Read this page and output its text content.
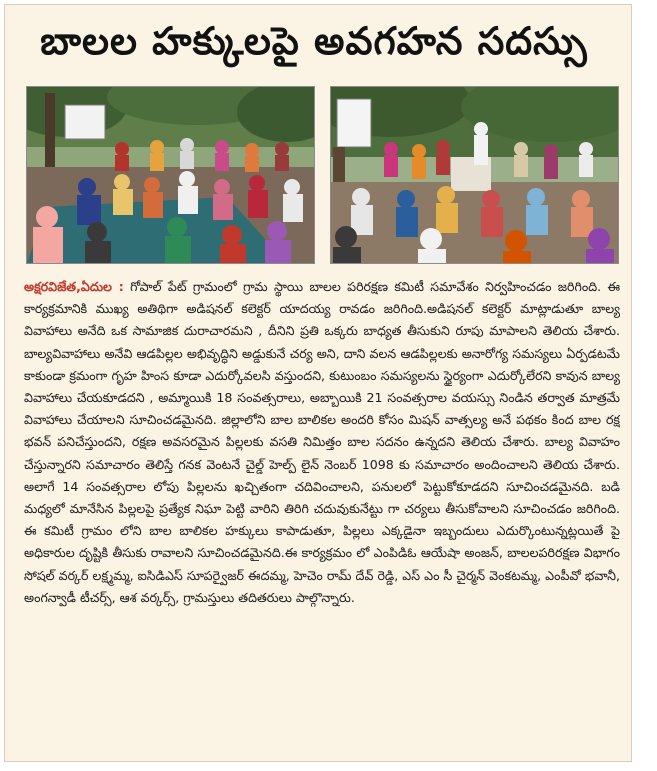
బాలల హక్కులపై అవగహన సదస్సు
అక్షరవిజేత,ఏదుల : గోపాల్ పేట్ గ్రామంలో గ్రామ స్థాయి బాలల పరిరక్షణ కమిటీ సమావేశం నిర్వహించడం జరిగింది. ఈ కార్యక్రమానికి ముఖ్య అతిథిగా అడిషనల్ కలెక్టర్ యాదయ్య రావడం జరిగింది.అడిషనల్ కలెక్టర్ మాట్లాడుతూ బాల్య వివాహాలు అనేది ఒక సామాజిక దురాచారమని , దీనిని ప్రతి ఒక్కరు బాధ్యత తీసుకుని రూపు మాపాలని తెలియ చేశారు. బాల్యవివాహాలు అనేవి ఆడపిల్లల అభివృద్ధిని అడ్డుకునే చర్య అని, దాని వలన ఆడపిల్లలకు అనారోగ్య సమస్యలు ఏర్పడటమే కాకుండా క్రమంగా గృహ హింస కూడా ఎదుర్కోవలసి వస్తుందని, కుటుంబం సమస్యలను స్థైర్యంగా ఎదుర్కోలేరని కావున బాల్య వివాహాలు చేయకూడదని , అమ్మాయికి 18 సంవత్సరాలు, అబ్బాయికి 21 సంవత్సరాల వయస్సు నిండిన తర్వాత మాత్రమే వివాహాలు చేయాలని సూచించడమైనది. జిల్లాలోని బాల బాలికల అందరి కోసం మిషన్ వాత్సల్య అనే పథకం కింద బాల రక్ష భవన్ పనిచేస్తుందని, రక్షణ అవసరమైన పిల్లలకు వసతి నిమిత్తం బాల సదనం ఉన్నదని తెలియ చేశారు. బాల్య వివాహం చేస్తున్నారని సమాచారం తెలిస్తే గనక వెంటనే చైల్డ్ హెల్ప్ లైన్ నెంబర్ 1098 కు సమాచారం అందించాలని తెలియ చేశారు. అలాగే 14 సంవత్సరాల లోపు పిల్లలను ఖచ్చితంగా చదివించాలని, పనులలో పెట్టుకోకూడదని సూచించడమైనది. బడి మధ్యలో మానేసిన పిల్లలపై ప్రత్యేక నిఘా పెట్టి వారిని తిరిగి చదువుకునేట్టు గా చర్యలు తీసుకోవాలని సూచించడం జరిగింది. ఈ కమిటీ గ్రామం లోని బాల బాలికల హక్కులు కాపాడుతూ, పిల్లలు ఎక్కడైనా ఇబ్బందులు ఎదుర్కొంటున్నట్లయితే పై అధికారుల దృష్టికి తీసుకు రావాలని సూచించడమైనది.ఈ కార్యక్రమం లో ఎంపిడిఓ ఆయేషా అంజన్, బాలలపరిరక్షణ విభాగం సోషల్ వర్కర్ లక్ష్మమ్మ, ఐసిడిఎస్ సూపర్వైజర్ ఈదమ్మ, హెచెం రామ్ దేవ్ రెడ్డి, ఎస్ ఎం సీ చైర్మన్ వెంకటమ్మ, ఎంపీవో భవానీ, అంగన్వాడీ టీచర్స్, ఆశ వర్కర్స్, గ్రామస్తులు తదితరులు పాల్గొన్నారు.
